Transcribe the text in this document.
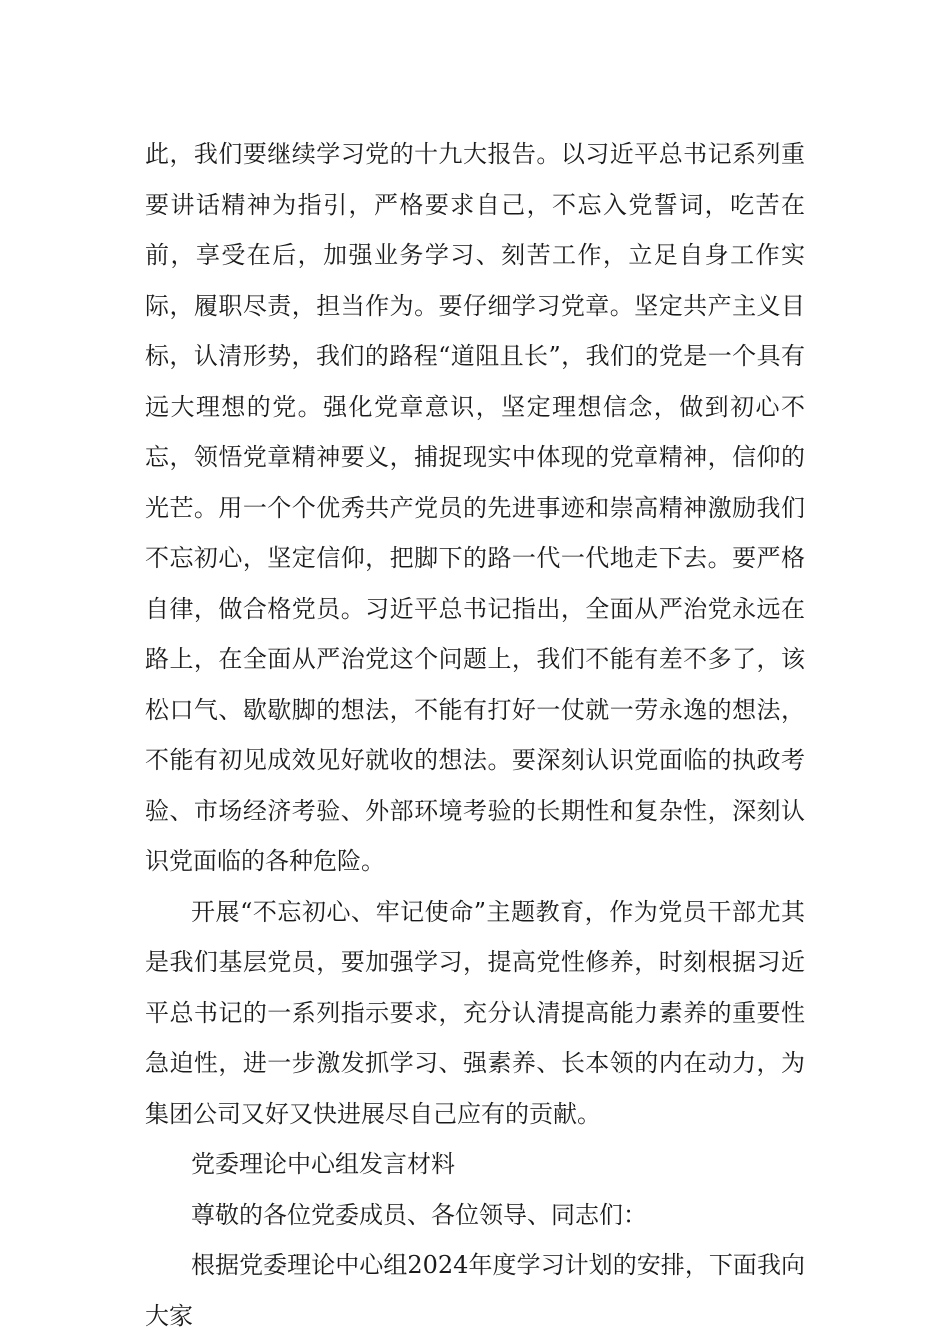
此，我们要继续学习党的十九大报告。以习近平总书记系列重要讲话精神为指引，严格要求自己，不忘入党誓词，吃苦在前，享受在后，加强业务学习、刻苦工作，立足自身工作实际，履职尽责，担当作为。要仔细学习党章。坚定共产主义目标，认清形势，我们的路程“道阻且长”，我们的党是一个具有远大理想的党。强化党章意识，坚定理想信念，做到初心不忘，领悟党章精神要义，捕捉现实中体现的党章精神，信仰的光芒。用一个个优秀共产党员的先进事迹和崇高精神激励我们不忘初心，坚定信仰，把脚下的路一代一代地走下去。要严格自律，做合格党员。习近平总书记指出，全面从严治党永远在路上，在全面从严治党这个问题上，我们不能有差不多了，该松口气、歇歇脚的想法，不能有打好一仗就一劳永逸的想法，不能有初见成效见好就收的想法。要深刻认识党面临的执政考验、市场经济考验、外部环境考验的长期性和复杂性，深刻认识党面临的各种危险。

开展“不忘初心、牢记使命”主题教育，作为党员干部尤其是我们基层党员，要加强学习，提高党性修养，时刻根据习近平总书记的一系列指示要求，充分认清提高能力素养的重要性急迫性，进一步激发抓学习、强素养、长本领的内在动力，为集团公司又好又快进展尽自己应有的贡献。

党委理论中心组发言材料

尊敬的各位党委成员、各位领导、同志们：

根据党委理论中心组2024年度学习计划的安排，下面我向大家
